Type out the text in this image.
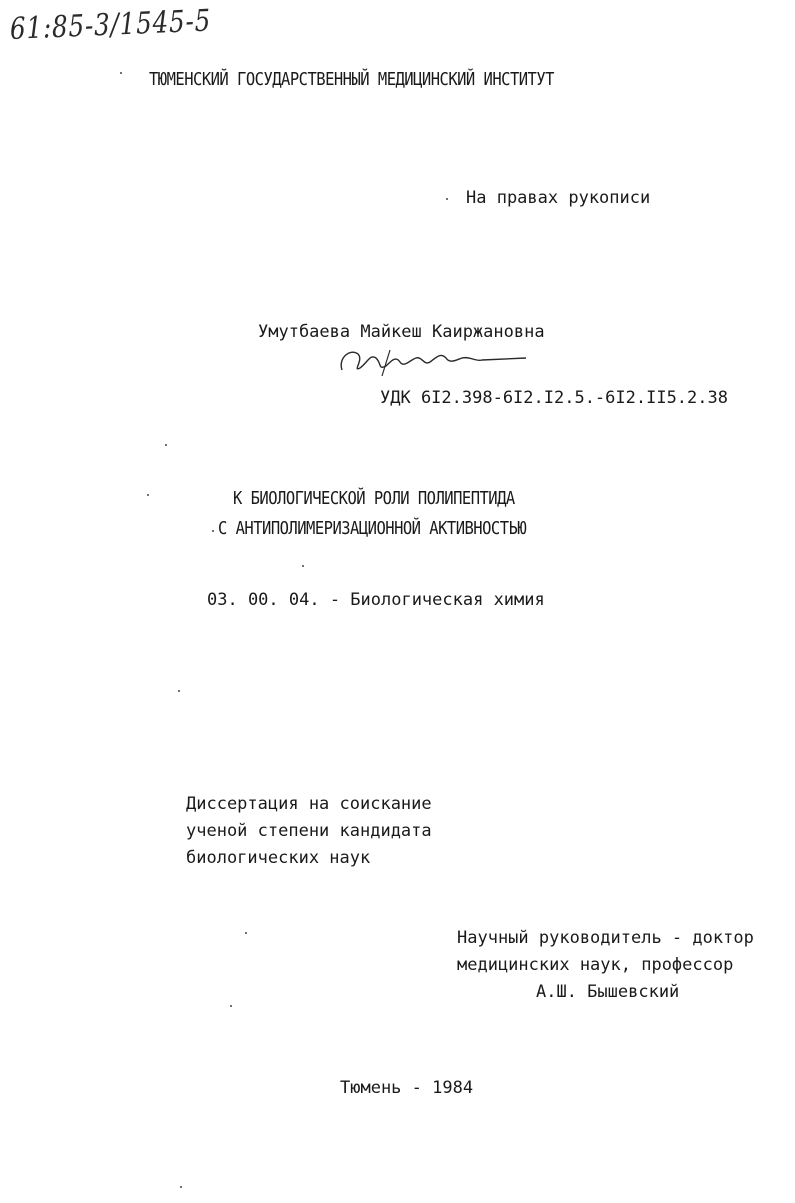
61:85-3/1545-5
ТЮМЕНСКИЙ ГОСУДАРСТВЕННЫЙ МЕДИЦИНСКИЙ ИНСТИТУТ
На правах рукописи
Умутбаева Майкеш Каиржановна
УДК 6I2.398-6I2.I2.5.-6I2.II5.2.38
К БИОЛОГИЧЕСКОЙ РОЛИ ПОЛИПЕПТИДА
С АНТИПОЛИМЕРИЗАЦИОННОЙ АКТИВНОСТЬЮ
03. 00. 04. - Биологическая химия
Диссертация на соискание
ученой степени кандидата
биологических наук
Научный руководитель - доктор
медицинских наук, профессор
А.Ш. Бышевский
Тюмень - 1984
